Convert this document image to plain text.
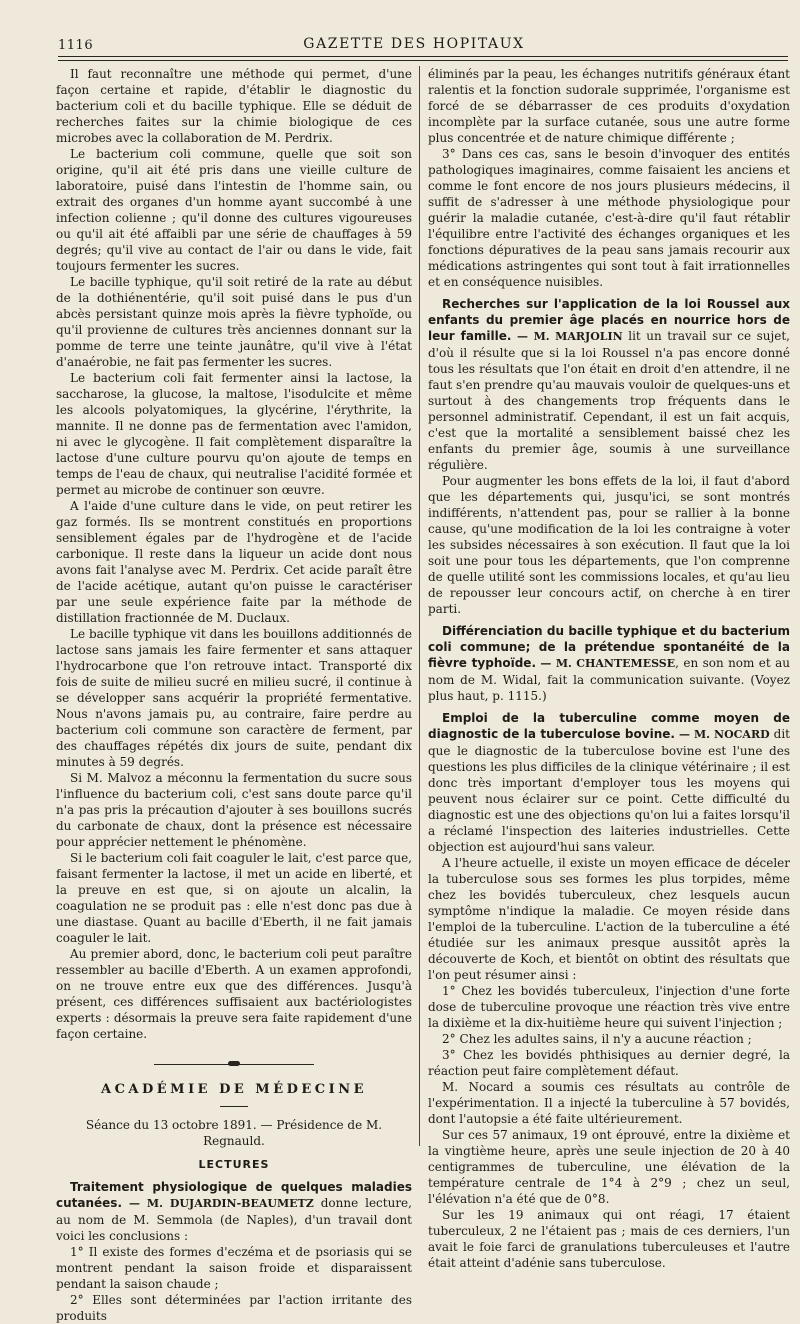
1116	GAZETTE DES HOPITAUX

Il faut reconnaître une méthode qui permet, d'une façon certaine et rapide, d'établir le diagnostic du bacterium coli et du bacille typhique. Elle se déduit de recherches faites sur la chimie biologique de ces microbes avec la collaboration de M. Perdrix.

Le bacterium coli commune, quelle que soit son origine, qu'il ait été pris dans une vieille culture de laboratoire, puisé dans l'intestin de l'homme sain, ou extrait des organes d'un homme ayant succombé à une infection colienne ; qu'il donne des cultures vigoureuses ou qu'il ait été affaibli par une série de chauffages à 59 degrés; qu'il vive au contact de l'air ou dans le vide, fait toujours fermenter les sucres.

Le bacille typhique, qu'il soit retiré de la rate au début de la dothiénentérie, qu'il soit puisé dans le pus d'un abcès persistant quinze mois après la fièvre typhoïde, ou qu'il provienne de cultures très anciennes donnant sur la pomme de terre une teinte jaunâtre, qu'il vive à l'état d'anaérobie, ne fait pas fermenter les sucres.

Le bacterium coli fait fermenter ainsi la lactose, la saccharose, la glucose, la maltose, l'isodulcite et même les alcools polyatomiques, la glycérine, l'érythrite, la mannite. Il ne donne pas de fermentation avec l'amidon, ni avec le glycogène. Il fait complètement disparaître la lactose d'une culture pourvu qu'on ajoute de temps en temps de l'eau de chaux, qui neutralise l'acidité formée et permet au microbe de continuer son œuvre.

A l'aide d'une culture dans le vide, on peut retirer les gaz formés. Ils se montrent constitués en proportions sensiblement égales par de l'hydrogène et de l'acide carbonique. Il reste dans la liqueur un acide dont nous avons fait l'analyse avec M. Perdrix. Cet acide paraît être de l'acide acétique, autant qu'on puisse le caractériser par une seule expérience faite par la méthode de distillation fractionnée de M. Duclaux.

Le bacille typhique vit dans les bouillons additionnés de lactose sans jamais les faire fermenter et sans attaquer l'hydrocarbone que l'on retrouve intact. Transporté dix fois de suite de milieu sucré en milieu sucré, il continue à se développer sans acquérir la propriété fermentative. Nous n'avons jamais pu, au contraire, faire perdre au bacterium coli commune son caractère de ferment, par des chauffages répétés dix jours de suite, pendant dix minutes à 59 degrés.

Si M. Malvoz a méconnu la fermentation du sucre sous l'influence du bacterium coli, c'est sans doute parce qu'il n'a pas pris la précaution d'ajouter à ses bouillons sucrés du carbonate de chaux, dont la présence est nécessaire pour apprécier nettement le phénomène.

Si le bacterium coli fait coaguler le lait, c'est parce que, faisant fermenter la lactose, il met un acide en liberté, et la preuve en est que, si on ajoute un alcalin, la coagulation ne se produit pas : elle n'est donc pas due à une diastase. Quant au bacille d'Eberth, il ne fait jamais coaguler le lait.

Au premier abord, donc, le bacterium coli peut paraître ressembler au bacille d'Eberth. A un examen approfondi, on ne trouve entre eux que des différences. Jusqu'à présent, ces différences suffisaient aux bactériologistes experts : désormais la preuve sera faite rapidement d'une façon certaine.

ACADÉMIE DE MÉDECINE
Séance du 13 octobre 1891. — Présidence de M. Regnauld.
LECTURES

Traitement physiologique de quelques maladies cutanées. — M. DUJARDIN-BEAUMETZ donne lecture, au nom de M. Semmola (de Naples), d'un travail dont voici les conclusions :

1° Il existe des formes d'eczéma et de psoriasis qui se montrent pendant la saison froide et disparaissent pendant la saison chaude ;

2° Elles sont déterminées par l'action irritante des produits

éliminés par la peau, les échanges nutritifs généraux étant ralentis et la fonction sudorale supprimée, l'organisme est forcé de se débarrasser de ces produits d'oxydation incomplète par la surface cutanée, sous une autre forme plus concentrée et de nature chimique différente ;

3° Dans ces cas, sans le besoin d'invoquer des entités pathologiques imaginaires, comme faisaient les anciens et comme le font encore de nos jours plusieurs médecins, il suffit de s'adresser à une méthode physiologique pour guérir la maladie cutanée, c'est-à-dire qu'il faut rétablir l'équilibre entre l'activité des échanges organiques et les fonctions dépuratives de la peau sans jamais recourir aux médications astringentes qui sont tout à fait irrationnelles et en conséquence nuisibles.

Recherches sur l'application de la loi Roussel aux enfants du premier âge placés en nourrice hors de leur famille. — M. MARJOLIN lit un travail sur ce sujet, d'où il résulte que si la loi Roussel n'a pas encore donné tous les résultats que l'on était en droit d'en attendre, il ne faut s'en prendre qu'au mauvais vouloir de quelques-uns et surtout à des changements trop fréquents dans le personnel administratif. Cependant, il est un fait acquis, c'est que la mortalité a sensiblement baissé chez les enfants du premier âge, soumis à une surveillance régulière.

Pour augmenter les bons effets de la loi, il faut d'abord que les départements qui, jusqu'ici, se sont montrés indifférents, n'attendent pas, pour se rallier à la bonne cause, qu'une modification de la loi les contraigne à voter les subsides nécessaires à son exécution. Il faut que la loi soit une pour tous les départements, que l'on comprenne de quelle utilité sont les commissions locales, et qu'au lieu de repousser leur concours actif, on cherche à en tirer parti.

Différenciation du bacille typhique et du bacterium coli commune; de la prétendue spontanéité de la fièvre typhoïde. — M. CHANTEMESSE, en son nom et au nom de M. Widal, fait la communication suivante. (Voyez plus haut, p. 1115.)

Emploi de la tuberculine comme moyen de diagnostic de la tuberculose bovine. — M. NOCARD dit que le diagnostic de la tuberculose bovine est l'une des questions les plus difficiles de la clinique vétérinaire ; il est donc très important d'employer tous les moyens qui peuvent nous éclairer sur ce point. Cette difficulté du diagnostic est une des objections qu'on lui a faites lorsqu'il a réclamé l'inspection des laiteries industrielles. Cette objection est aujourd'hui sans valeur.

A l'heure actuelle, il existe un moyen efficace de déceler la tuberculose sous ses formes les plus torpides, même chez les bovidés tuberculeux, chez lesquels aucun symptôme n'indique la maladie. Ce moyen réside dans l'emploi de la tuberculine. L'action de la tuberculine a été étudiée sur les animaux presque aussitôt après la découverte de Koch, et bientôt on obtint des résultats que l'on peut résumer ainsi :

1° Chez les bovidés tuberculeux, l'injection d'une forte dose de tuberculine provoque une réaction très vive entre la dixième et la dix-huitième heure qui suivent l'injection ;

2° Chez les adultes sains, il n'y a aucune réaction ;

3° Chez les bovidés phthisiques au dernier degré, la réaction peut faire complètement défaut.

M. Nocard a soumis ces résultats au contrôle de l'expérimentation. Il a injecté la tuberculine à 57 bovidés, dont l'autopsie a été faite ultérieurement.

Sur ces 57 animaux, 19 ont éprouvé, entre la dixième et la vingtième heure, après une seule injection de 20 à 40 centigrammes de tuberculine, une élévation de la température centrale de 1°4 à 2°9 ; chez un seul, l'élévation n'a été que de 0°8.

Sur les 19 animaux qui ont réagi, 17 étaient tuberculeux, 2 ne l'étaient pas ; mais de ces derniers, l'un avait le foie farci de granulations tuberculeuses et l'autre était atteint d'adénie sans tuberculose.
